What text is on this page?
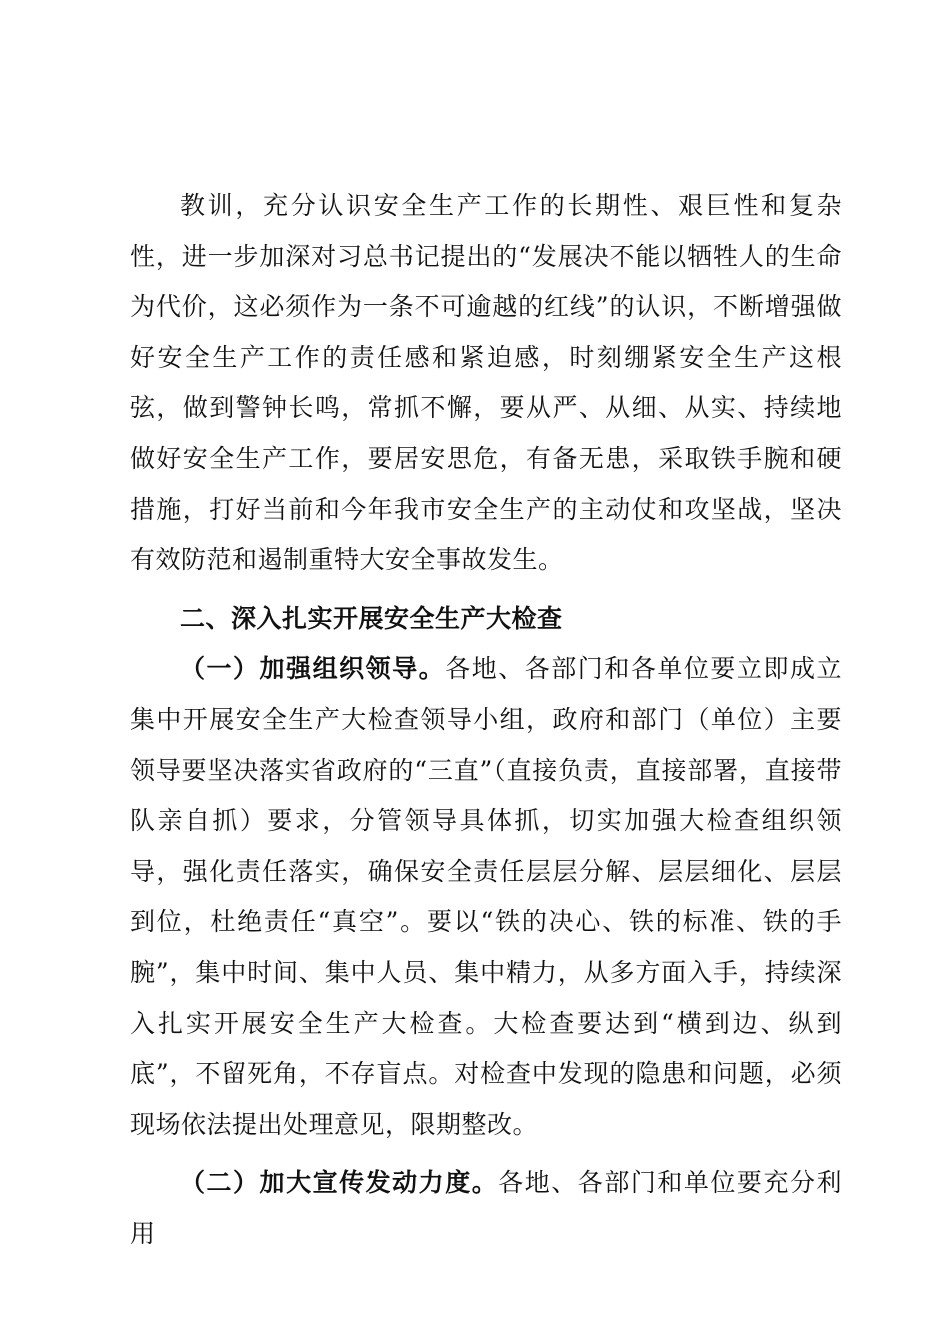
教训，充分认识安全生产工作的长期性、艰巨性和复杂性，进一步加深对习总书记提出的“发展决不能以牺牲人的生命为代价，这必须作为一条不可逾越的红线”的认识，不断增强做好安全生产工作的责任感和紧迫感，时刻绷紧安全生产这根弦，做到警钟长鸣，常抓不懈，要从严、从细、从实、持续地做好安全生产工作，要居安思危，有备无患，采取铁手腕和硬措施，打好当前和今年我市安全生产的主动仗和攻坚战，坚决有效防范和遏制重特大安全事故发生。

二、深入扎实开展安全生产大检查

（一）加强组织领导。各地、各部门和各单位要立即成立集中开展安全生产大检查领导小组，政府和部门（单位）主要领导要坚决落实省政府的“三直”（直接负责，直接部署，直接带队亲自抓）要求，分管领导具体抓，切实加强大检查组织领导，强化责任落实，确保安全责任层层分解、层层细化、层层到位，杜绝责任“真空”。要以“铁的决心、铁的标准、铁的手腕”，集中时间、集中人员、集中精力，从多方面入手，持续深入扎实开展安全生产大检查。大检查要达到“横到边、纵到底”，不留死角，不存盲点。对检查中发现的隐患和问题，必须现场依法提出处理意见，限期整改。

（二）加大宣传发动力度。各地、各部门和单位要充分利用
